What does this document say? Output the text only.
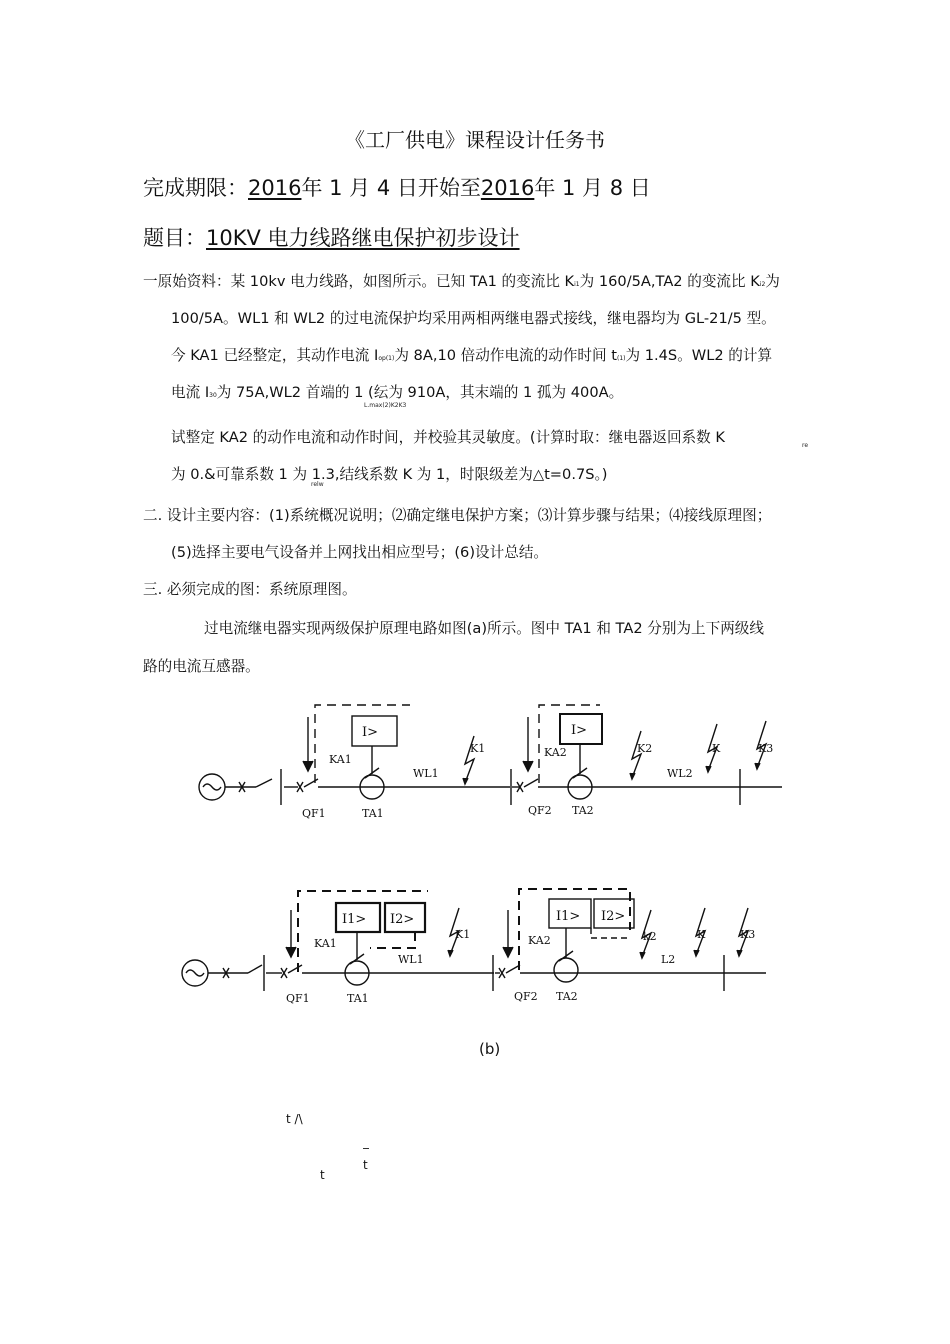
《工厂供电》课程设计任务书
完成期限：2016年 1 月 4 日开始至2016年 1 月 8 日
题目：10KV 电力线路继电保护初步设计
一原始资料：某 10kv 电力线路，如图所示。已知 TA1 的变流比 Ki1为 160/5A,TA2 的变流比 Ki2为
100/5A。WL1 和 WL2 的过电流保护均采用两相两继电器式接线，继电器均为 GL-21/5 型。
今 KA1 已经整定，其动作电流 Iop(1)为 8A,10 倍动作电流的动作时间 t(1)为 1.4S。WL2 的计算
电流 I30为 75A,WL2 首端的 1 (纭为 910A，其末端的 1 孤为 400A。
L.max(2)K2K3
试整定 KA2 的动作电流和动作时间，并校验其灵敏度。(计算时取：继电器返回系数 K	re
为 0.&可靠系数 1 为 1.3,结线系数 K 为 1，时限级差为△t=0.7S。)
relw
二. 设计主要内容：(1)系统概况说明；⑵确定继电保护方案；⑶计算步骤与结果；⑷接线原理图；
(5)选择主要电气设备并上网找出相应型号；(6)设计总结。
三. 必须完成的图：系统原理图。
过电流继电器实现两级保护原理电路如图(a)所示。图中 TA1 和 TA2 分别为上下两级线
路的电流互感器。
I>	I>
KA1
KA2
WL1	WL2
K1	K2	K	K3
QF1	QF2
TA1	TA2
I1> I2>	I1> I2>
KA1	KA2
WL1
K1	k2	K	K3
L2
QF1	QF2
TA1	TA2
(b)
t /\
t
t
